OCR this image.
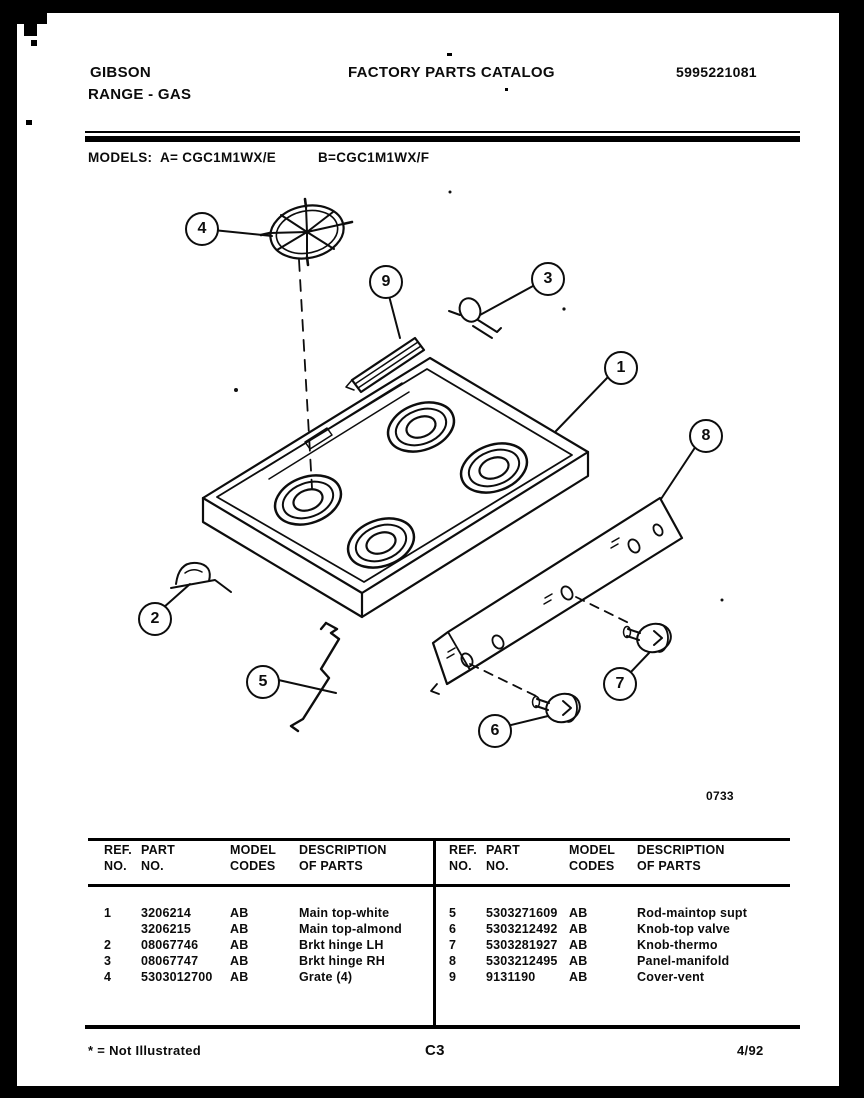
GIBSON
RANGE - GAS
FACTORY PARTS CATALOG	5995221081
MODELS: A= CGC1M1WX/E	B=CGC1M1WX/F
4
9	3
1
8
2
5	7
6
0733
REF. PART	MODEL	DESCRIPTION
NO.	NO.	CODES	OF PARTS
REF. PART	MODEL	DESCRIPTION
NO.	NO.	CODES	OF PARTS
1	3206214	AB	Main top-white
3206215	AB	Main top-almond
2	08067746	AB	Brkt hinge LH
3	08067747	AB	Brkt hinge RH
4	5303012700	AB	Grate (4)
5	5303271609 AB	Rod-maintop supt
6	5303212492 AB	Knob-top valve
7	5303281927 AB	Knob-thermo
8	5303212495 AB	Panel-manifold
9	9131190	AB	Cover-vent
* = Not Illustrated	C3	4/92
